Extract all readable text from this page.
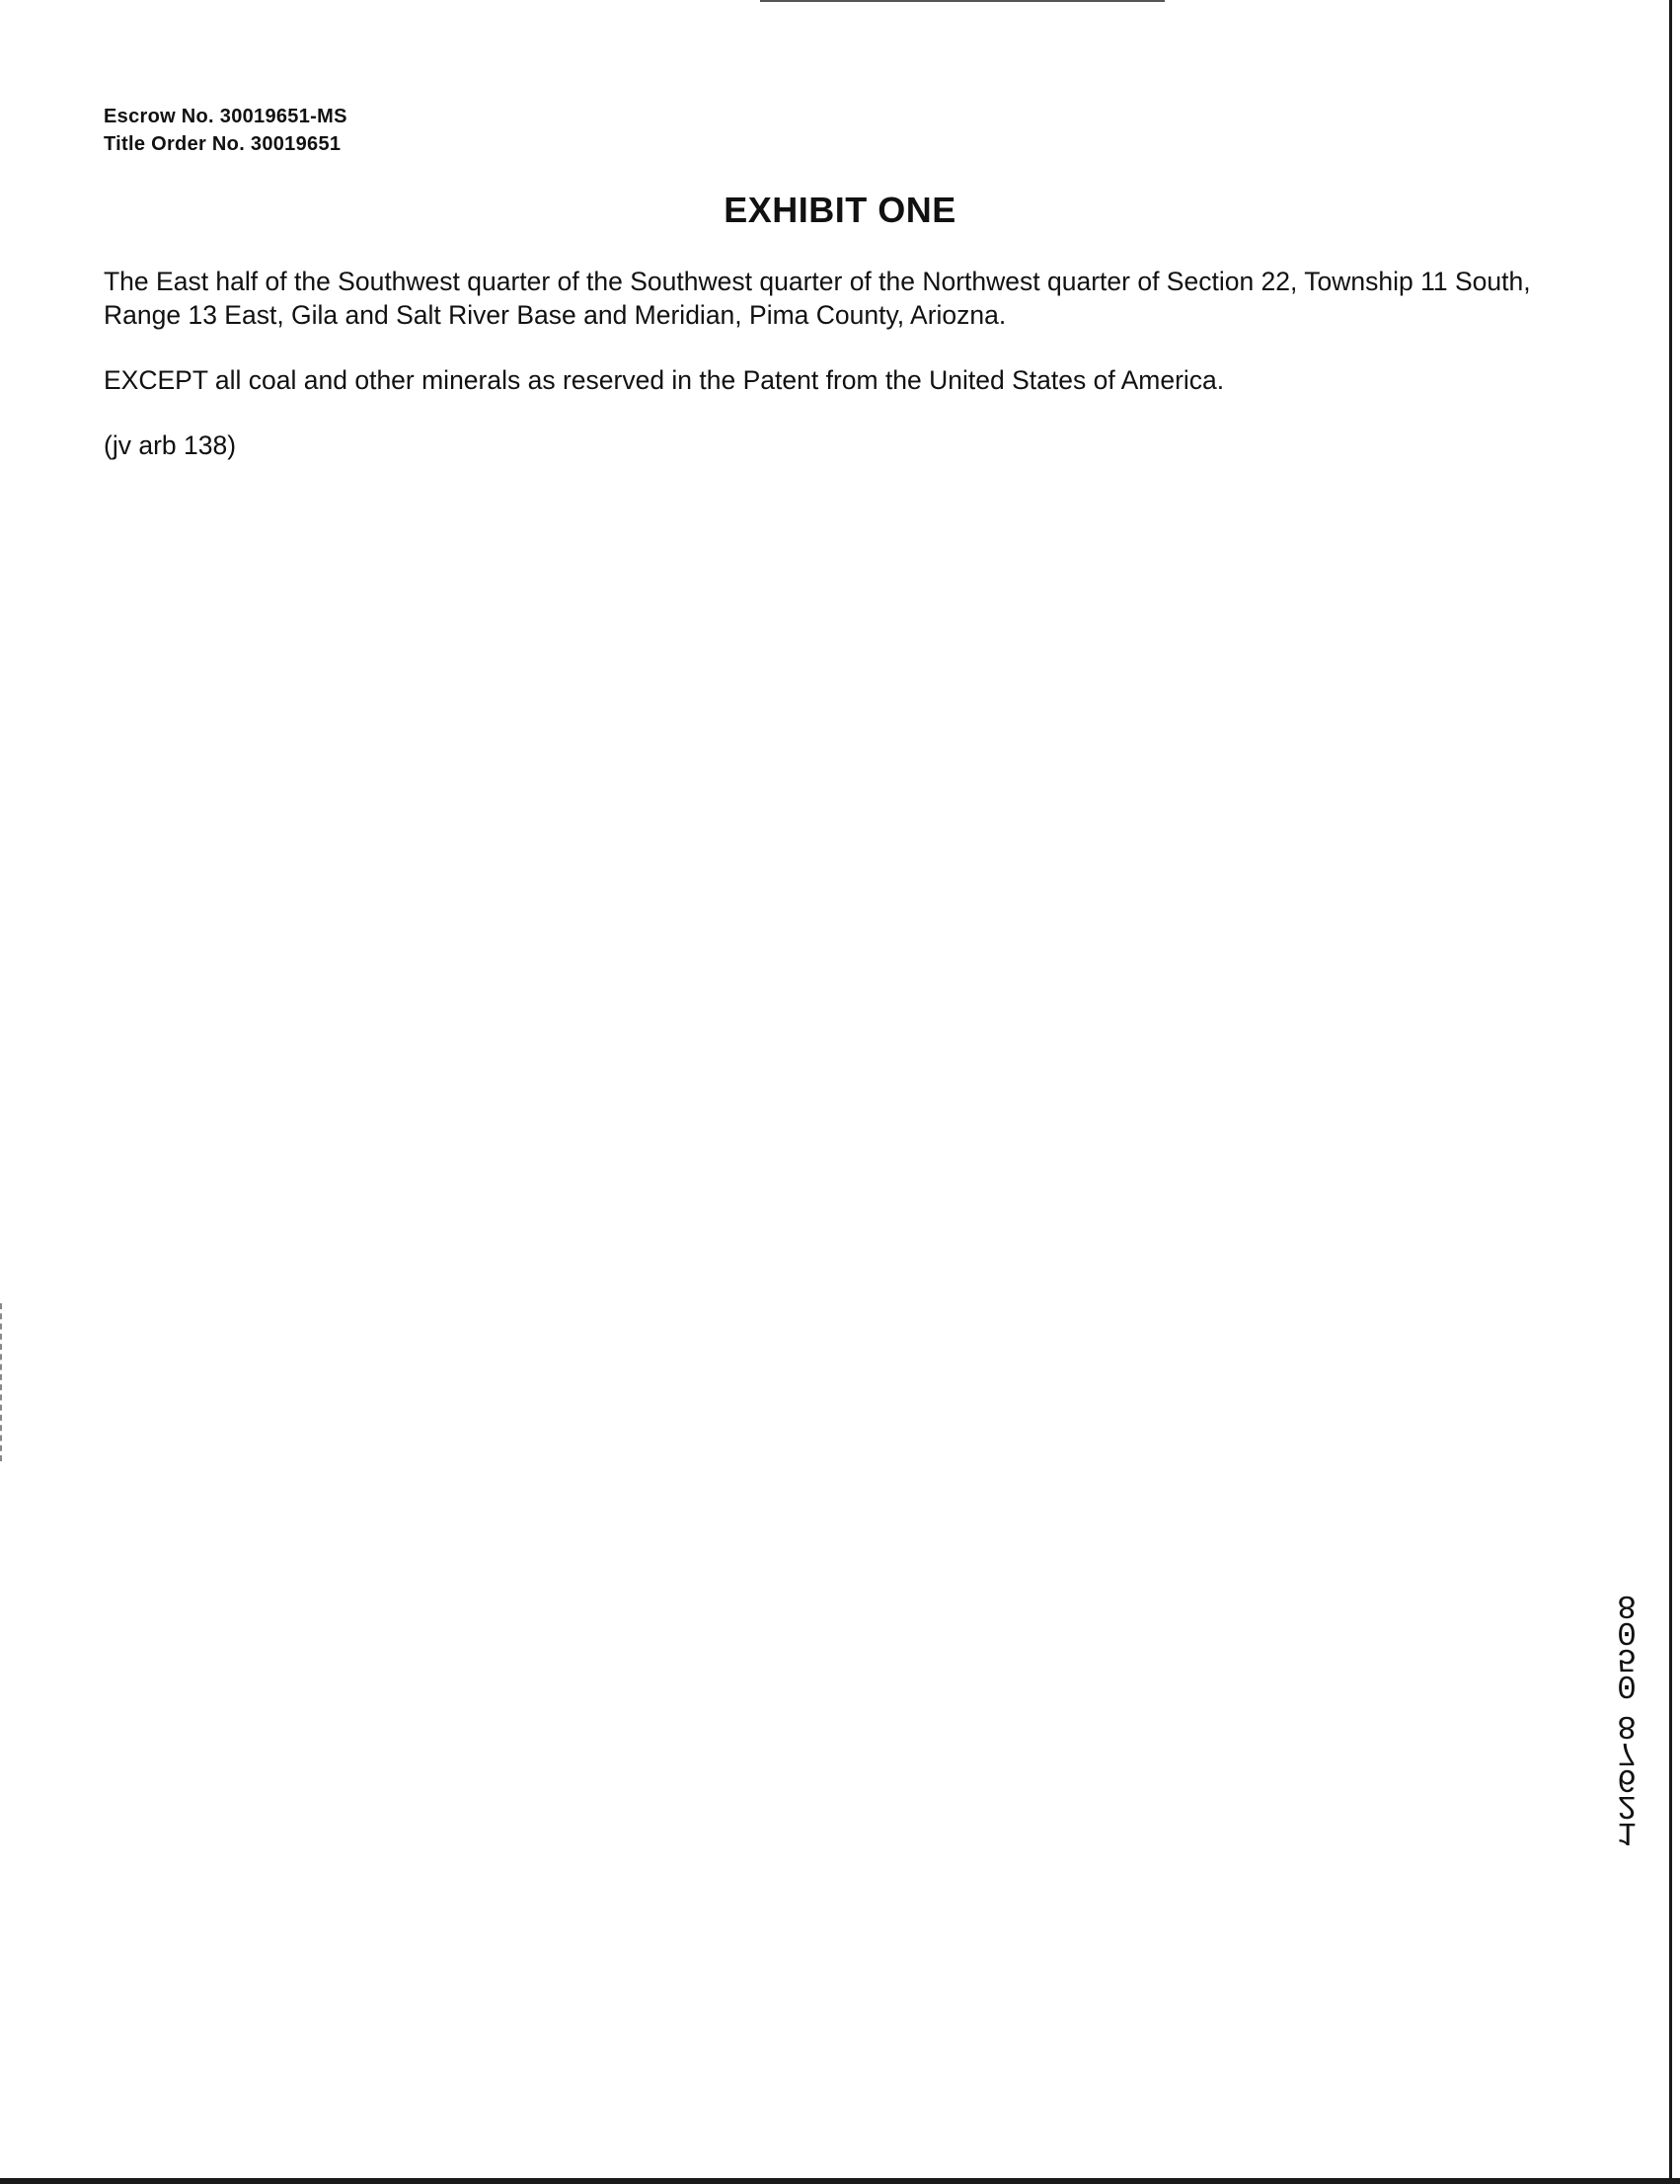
Escrow No. 30019651-MS
Title Order No. 30019651
EXHIBIT ONE

The East half of the Southwest quarter of the Southwest quarter of the Northwest quarter of Section 22, Township 11 South, Range 13 East, Gila and Salt River Base and Meridian, Pima County, Ariozna.

EXCEPT all coal and other minerals as reserved in the Patent from the United States of America.

(jv arb 138)

12678
0508
